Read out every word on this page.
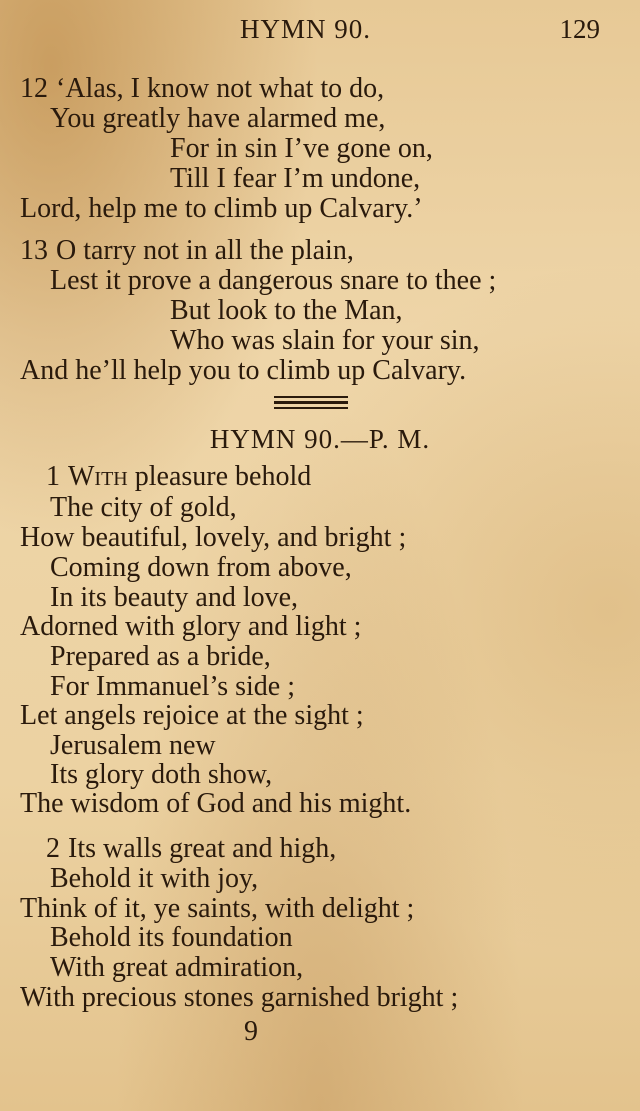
HYMN 90.	129
12 ‘Alas, I know not what to do,
You greatly have alarmed me,
For in sin I’ve gone on,
Till I fear I’m undone,
Lord, help me to climb up Calvary.’
13 O tarry not in all the plain,
Lest it prove a dangerous snare to thee ;
But look to the Man,
Who was slain for your sin,
And he’ll help you to climb up Calvary.
HYMN 90.—P. M.
1 With pleasure behold
The city of gold,
How beautiful, lovely, and bright ;
Coming down from above,
In its beauty and love,
Adorned with glory and light ;
Prepared as a bride,
For Immanuel’s side ;
Let angels rejoice at the sight ;
Jerusalem new
Its glory doth show,
The wisdom of God and his might.
2 Its walls great and high,
Behold it with joy,
Think of it, ye saints, with delight ;
Behold its foundation
With great admiration,
With precious stones garnished bright ;
9
